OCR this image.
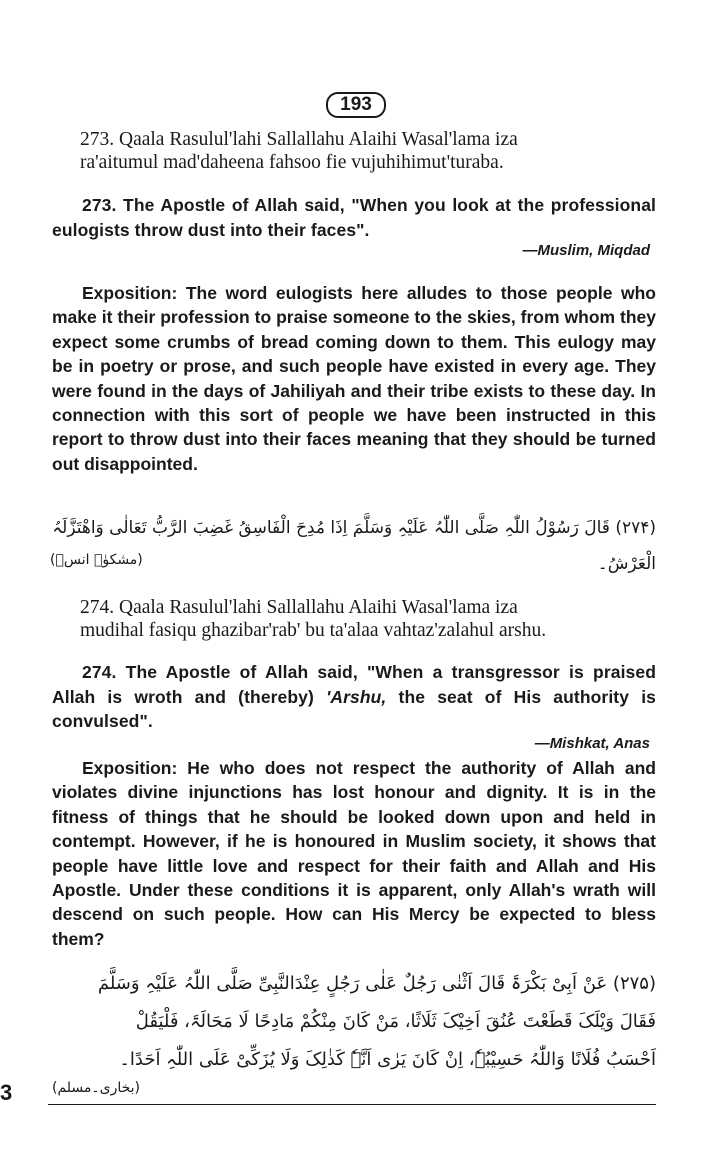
193
273. Qaala Rasulul'lahi Sallallahu Alaihi Wasal'lama iza
ra'aitumul mad'daheena fahsoo fie vujuhihimut'turaba.
273. The Apostle of Allah said, "When you look at the professional eulogists throw dust into their faces".
—Muslim, Miqdad
Exposition: The word eulogists here alludes to those people who make it their profession to praise someone to the skies, from whom they expect some crumbs of bread coming down to them. This eulogy may be in poetry or prose, and such people have existed in every age. They were found in the days of Jahiliyah and their tribe exists to these day. In connection with this sort of people we have been instructed in this report to throw dust into their faces meaning that they should be turned out disappointed.
(۲۷۴) قَالَ رَسُوْلُ اللّٰہِ صَلَّی اللّٰہُ عَلَیْہِ وَسَلَّمَ اِذَا مُدِحَ الْفَاسِقُ غَضِبَ الرَّبُّ تَعَالٰی وَاھْتَزَّلَہُ الْعَرْشُ۔
(مشکوٰۃ انسؓ)
274. Qaala Rasulul'lahi Sallallahu Alaihi Wasal'lama iza
mudihal fasiqu ghazibar'rab' bu ta'alaa vahtaz'zalahul arshu.
274. The Apostle of Allah said, "When a transgressor is praised Allah is wroth and (thereby) 'Arshu, the seat of His authority is convulsed".
—Mishkat, Anas
Exposition: He who does not respect the authority of Allah and violates divine injunctions has lost honour and dignity. It is in the fitness of things that he should be looked down upon and held in contempt. However, if he is honoured in Muslim society, it shows that people have little love and respect for their faith and Allah and His Apostle. Under these conditions it is apparent, only Allah's wrath will descend on such people. How can His Mercy be expected to bless them?
(۲۷۵) عَنْ اَبِیْ بَکْرَۃَ قَالَ اَثْنٰی رَجُلٌ عَلٰی رَجُلٍ عِنْدَالنَّبِیِّ صَلَّی اللّٰہُ عَلَیْہِ وَسَلَّمَ
فَقَالَ وَیْلَکَ قَطَعْتَ عُنُقَ اَخِیْکَ ثَلَاثًا، مَنْ کَانَ مِنْکُمْ مَادِحًا لَا مَحَالَۃَ، فَلْیَقُلْ
اَحْسَبُ فُلَانًا وَاللّٰہُ حَسِیْبُہٗ، اِنْ کَانَ یَرٰی اَنَّہٗ کَذٰلِکَ وَلَا یُزَکِّیْ عَلَی اللّٰہِ اَحَدًا۔
(بخاری۔مسلم)
3
